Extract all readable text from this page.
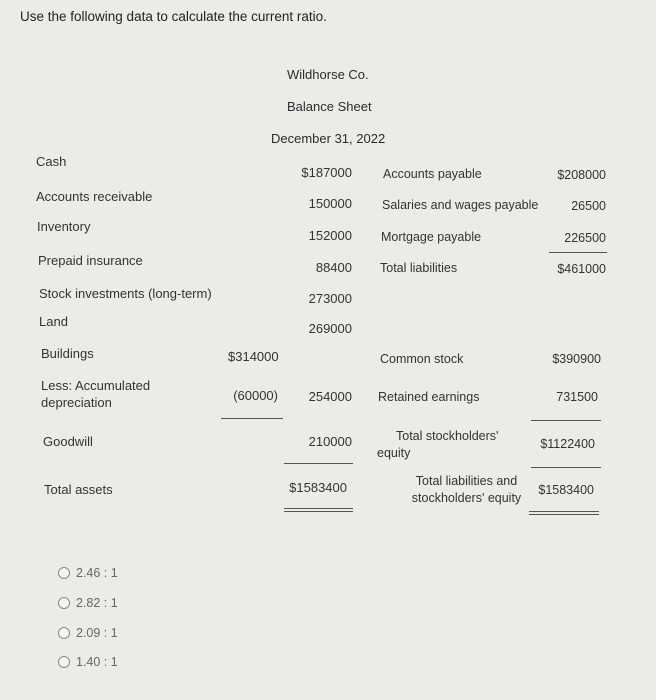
Use the following data to calculate the current ratio.
Wildhorse Co.
Balance Sheet
December 31, 2022
Cash
Accounts receivable
Inventory
Prepaid insurance
Stock investments (long-term)
Land
Buildings
Less: Accumulated depreciation
Goodwill
Total assets
$314000
(60000)
$187000
150000
152000
88400
273000
269000
254000
210000
$1583400
Accounts payable
Salaries and wages payable
Mortgage payable
Total liabilities
$208000
26500
226500
$461000
Common stock
Retained earnings
Total stockholders' equity
Total liabilities and stockholders' equity
$390900
731500
$1122400
$1583400
2.46 : 1
2.82 : 1
2.09 : 1
1.40 : 1
